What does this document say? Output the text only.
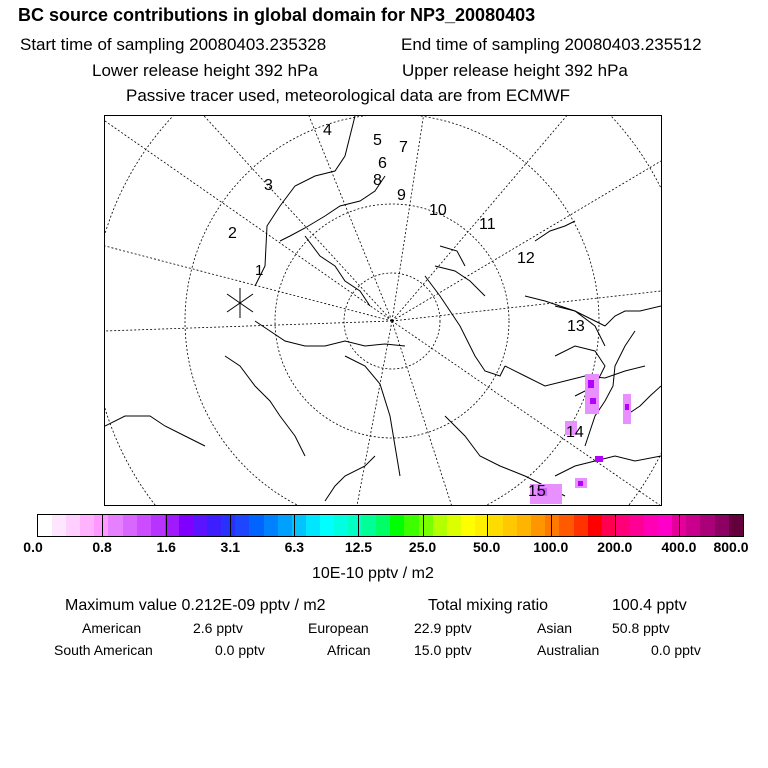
BC source contributions in global domain for NP3_20080403
Start time of sampling 20080403.235328	End time of sampling 20080403.235512
Lower release height 392 hPa	Upper release height 392 hPa
Passive tracer used, meteorological data are from ECMWF
1
2
3
4
5
6
7
8
9
10
11
12
13
14
15
0.0	0.8	1.6	3.1	6.3	12.5	25.0	50.0 100.0 200.0 400.0 800.0
10E-10 pptv / m2
Maximum value 0.212E-09 pptv / m2	Total mixing ratio	100.4 pptv
American	2.6 pptv	European	22.9 pptv	Asian	50.8 pptv
South American	0.0 pptv	African	15.0 pptv	Australian	0.0 pptv
